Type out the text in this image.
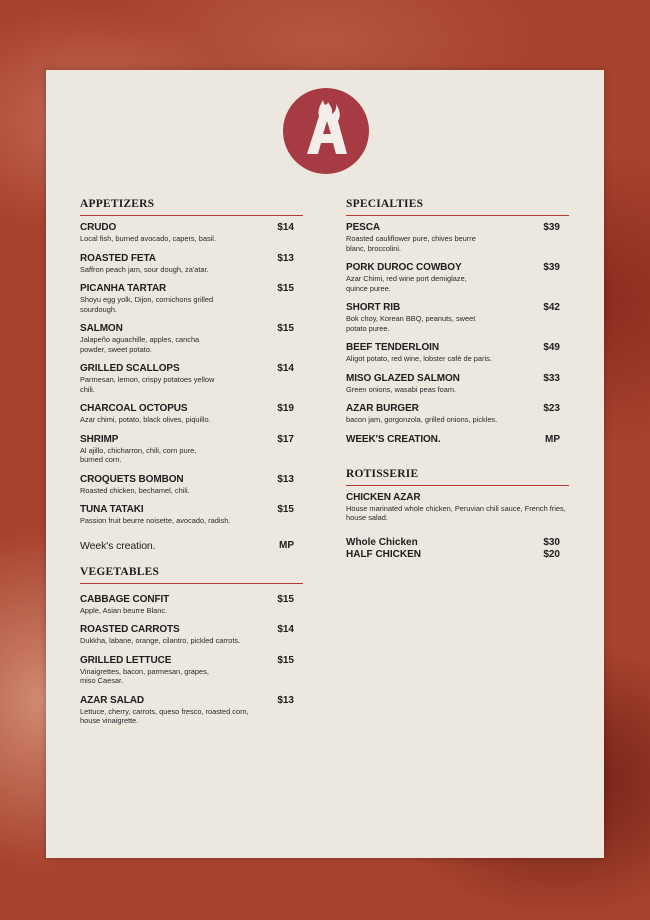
APPETIZERS
CRUDO	$14
Local fish, burned avocado, capers, basil.
ROASTED FETA	$13
Saffron peach jam, sour dough, za'atar.
PICANHA TARTAR	$15
Shoyu egg yolk, Dijon, cornichons grilled sourdough.
SALMON	$15
Jalapeño aguachille, apples, cancha powder, sweet potato.
GRILLED SCALLOPS	$14
Parmesan, lemon, crispy potatoes yellow chili.
CHARCOAL OCTOPUS	$19
Azar chimi, potato, black olives, piquillo.
SHRIMP	$17
Al ajillo, chicharron, chili, corn pure, burned corn.
CROQUETS BOMBON	$13
Roasted chicken, bechamel, chili.
TUNA TATAKI	$15
Passion fruit beurre noisette, avocado, radish.
Week's creation.	MP
VEGETABLES
CABBAGE CONFIT	$15
Apple, Asian beurre Blanc.
ROASTED CARROTS	$14
Dukkha, labane, orange, cilantro, pickled carrots.
GRILLED LETTUCE	$15
Vinaigrettes, bacon, parmesan, grapes, miso Caesar.
AZAR SALAD	$13
Lettuce, cherry, carrots, queso fresco, roasted corn, house vinaigrette.
SPECIALTIES
PESCA	$39
Roasted cauliflower pure, chives beurre blanc, broccolini.
PORK DUROC COWBOY	$39
Azar Chimi, red wine port demiglaze, quince puree.
SHORT RIB	$42
Bok choy, Korean BBQ, peanuts, sweet potato puree.
BEEF TENDERLOIN	$49
Aligot potato, red wine, lobster café de paris.
MISO GLAZED SALMON	$33
Green onions, wasabi peas foam.
AZAR BURGER	$23
bacon jam, gorgonzola, grilled onions, pickles.
WEEK'S CREATION.	MP
ROTISSERIE
CHICKEN AZAR
House marinated whole chicken, Peruvian chili sauce, French fries, house salad.
Whole Chicken	$30
HALF CHICKEN	$20
